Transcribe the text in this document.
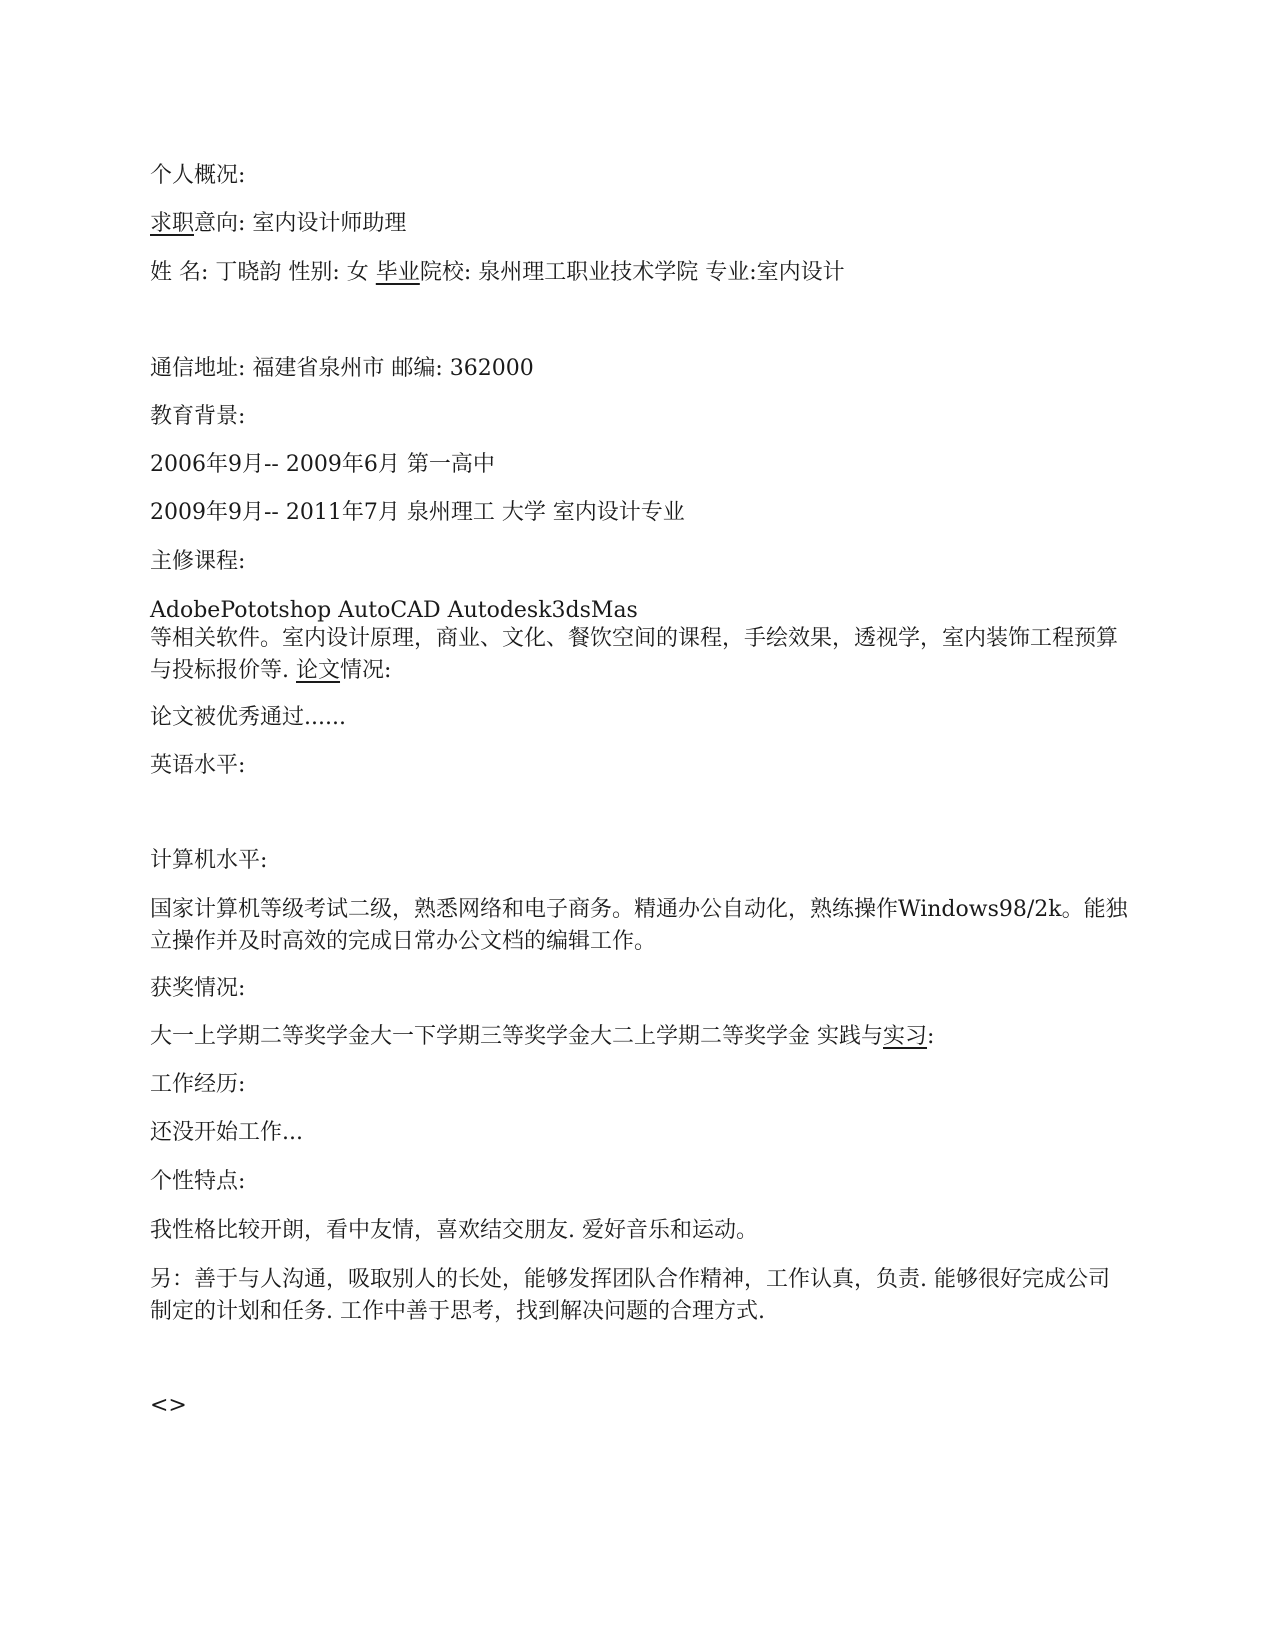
个人概况:
求职意向: 室内设计师助理
姓 名: 丁晓韵 性别: 女 毕业院校: 泉州理工职业技术学院 专业:室内设计
通信地址: 福建省泉州市 邮编: 362000
教育背景:
2006年9月-- 2009年6月 第一高中
2009年9月-- 2011年7月 泉州理工 大学 室内设计专业
主修课程:
AdobePototshop AutoCAD Autodesk3dsMas
等相关软件。室内设计原理，商业、文化、餐饮空间的课程，手绘效果，透视学，室内装饰工程预算与投标报价等. 论文情况:
论文被优秀通过......
英语水平:
计算机水平:
国家计算机等级考试二级，熟悉网络和电子商务。精通办公自动化，熟练操作Windows98/2k。能独立操作并及时高效的完成日常办公文档的编辑工作。
获奖情况:
大一上学期二等奖学金大一下学期三等奖学金大二上学期二等奖学金 实践与实习:
工作经历:
还没开始工作...
个性特点:
我性格比较开朗，看中友情，喜欢结交朋友. 爱好音乐和运动。
另：善于与人沟通，吸取别人的长处，能够发挥团队合作精神，工作认真，负责. 能够很好完成公司制定的计划和任务. 工作中善于思考，找到解决问题的合理方式.
<>
